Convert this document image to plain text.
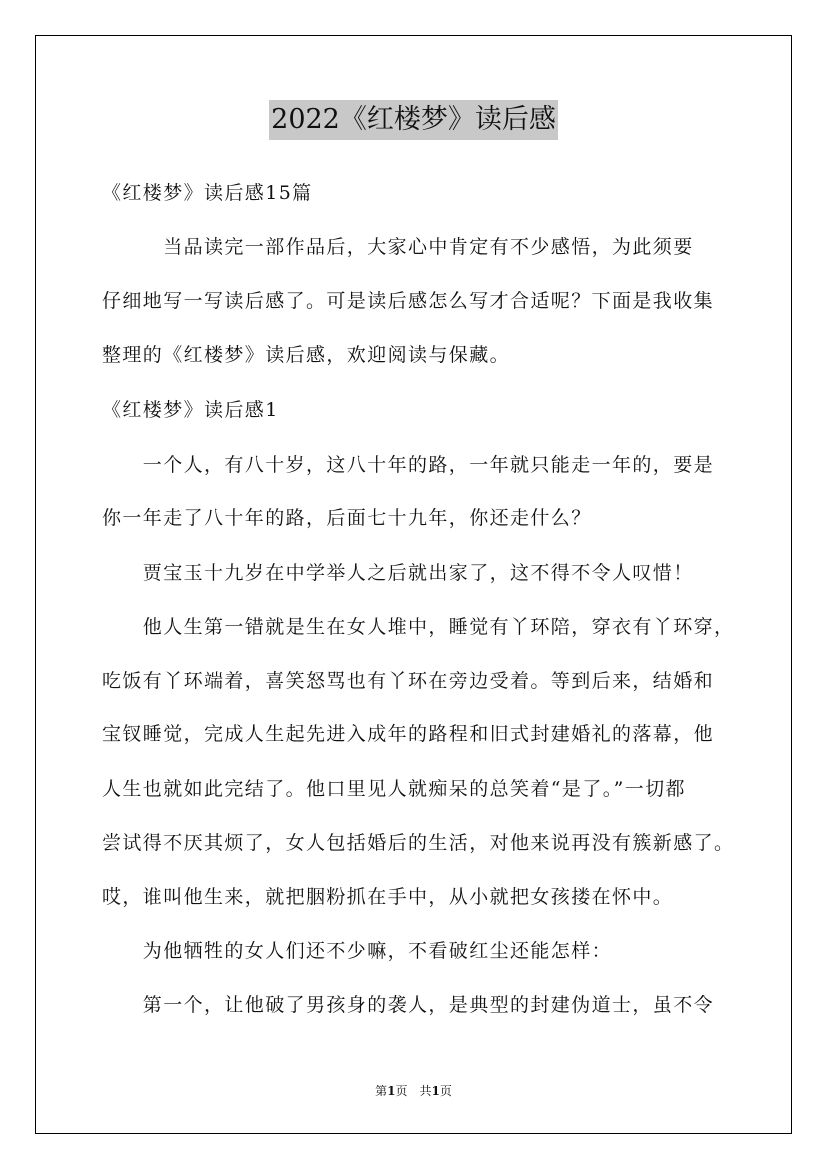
2022《红楼梦》读后感
《红楼梦》读后感15篇
　　　当品读完一部作品后，大家心中肯定有不少感悟，为此须要
仔细地写一写读后感了。可是读后感怎么写才合适呢？下面是我收集
整理的《红楼梦》读后感，欢迎阅读与保藏。
《红楼梦》读后感1
　　一个人，有八十岁，这八十年的路，一年就只能走一年的，要是
你一年走了八十年的路，后面七十九年，你还走什么？
　　贾宝玉十九岁在中学举人之后就出家了，这不得不令人叹惜！
　　他人生第一错就是生在女人堆中，睡觉有丫环陪，穿衣有丫环穿，
吃饭有丫环端着，喜笑怒骂也有丫环在旁边受着。等到后来，结婚和
宝钗睡觉，完成人生起先进入成年的路程和旧式封建婚礼的落幕，他
人生也就如此完结了。他口里见人就痴呆的总笑着“是了。”一切都
尝试得不厌其烦了，女人包括婚后的生活，对他来说再没有簇新感了。
哎，谁叫他生来，就把胭粉抓在手中，从小就把女孩搂在怀中。
　　为他牺牲的女人们还不少嘛，不看破红尘还能怎样：
　　第一个，让他破了男孩身的袭人，是典型的封建伪道士，虽不令
第1页　共1页
